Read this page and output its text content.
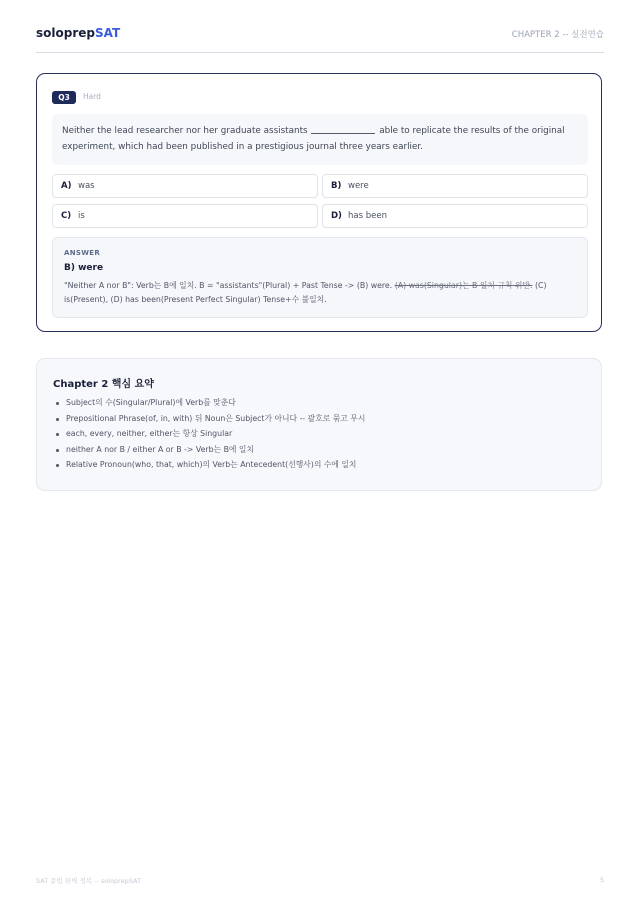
soloprepSAT	CHAPTER 2 -- 실전연습
Q3	Hard
Neither the lead researcher nor her graduate assistants	able to replicate the results of the original experiment, which had been published in a prestigious journal three years earlier.
A) was	B) were
C) is	D) has been
ANSWER
B) were
"Neither A nor B": Verb는 B에 일치. B = "assistants"(Plural) + Past Tense -> (B) were. (A) was(Singular)는 B 일치 규칙 위반. (C) is(Present), (D) has been(Present Perfect Singular) Tense+수 불일치.
Chapter 2 핵심 요약
Subject의 수(Singular/Plural)에 Verb를 맞춘다
Prepositional Phrase(of, in, with) 뒤 Noun은 Subject가 아니다 -- 괄호로 묶고 무시
each, every, neither, either는 항상 Singular
neither A nor B / either A or B -> Verb는 B에 일치
Relative Pronoun(who, that, which)의 Verb는 Antecedent(선행사)의 수에 일치
SAT 문법 완벽 정복 -- soloprepSAT	5
